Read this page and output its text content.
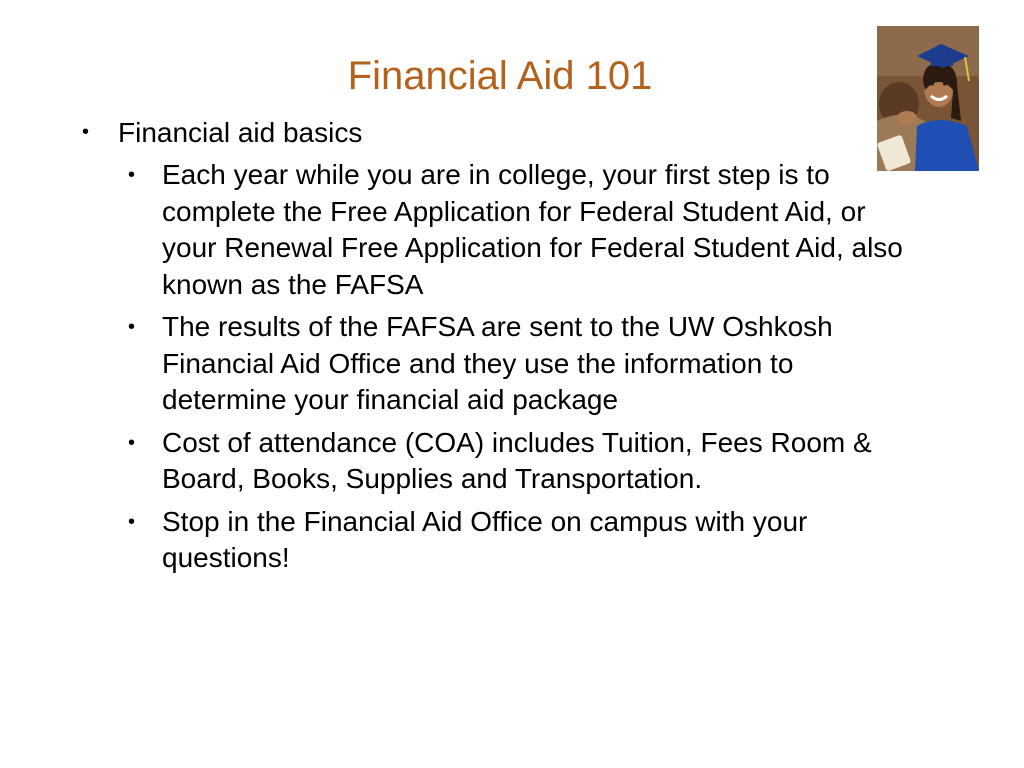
Financial Aid 101
• Financial aid basics
• Each year while you are in college, your first step is to complete the Free Application for Federal Student Aid, or your Renewal Free Application for Federal Student Aid, also known as the FAFSA
• The results of the FAFSA are sent to the UW Oshkosh Financial Aid Office and they use the information to determine your financial aid package
• Cost of attendance (COA) includes Tuition, Fees Room & Board, Books, Supplies and Transportation.
• Stop in the Financial Aid Office on campus with your questions!
